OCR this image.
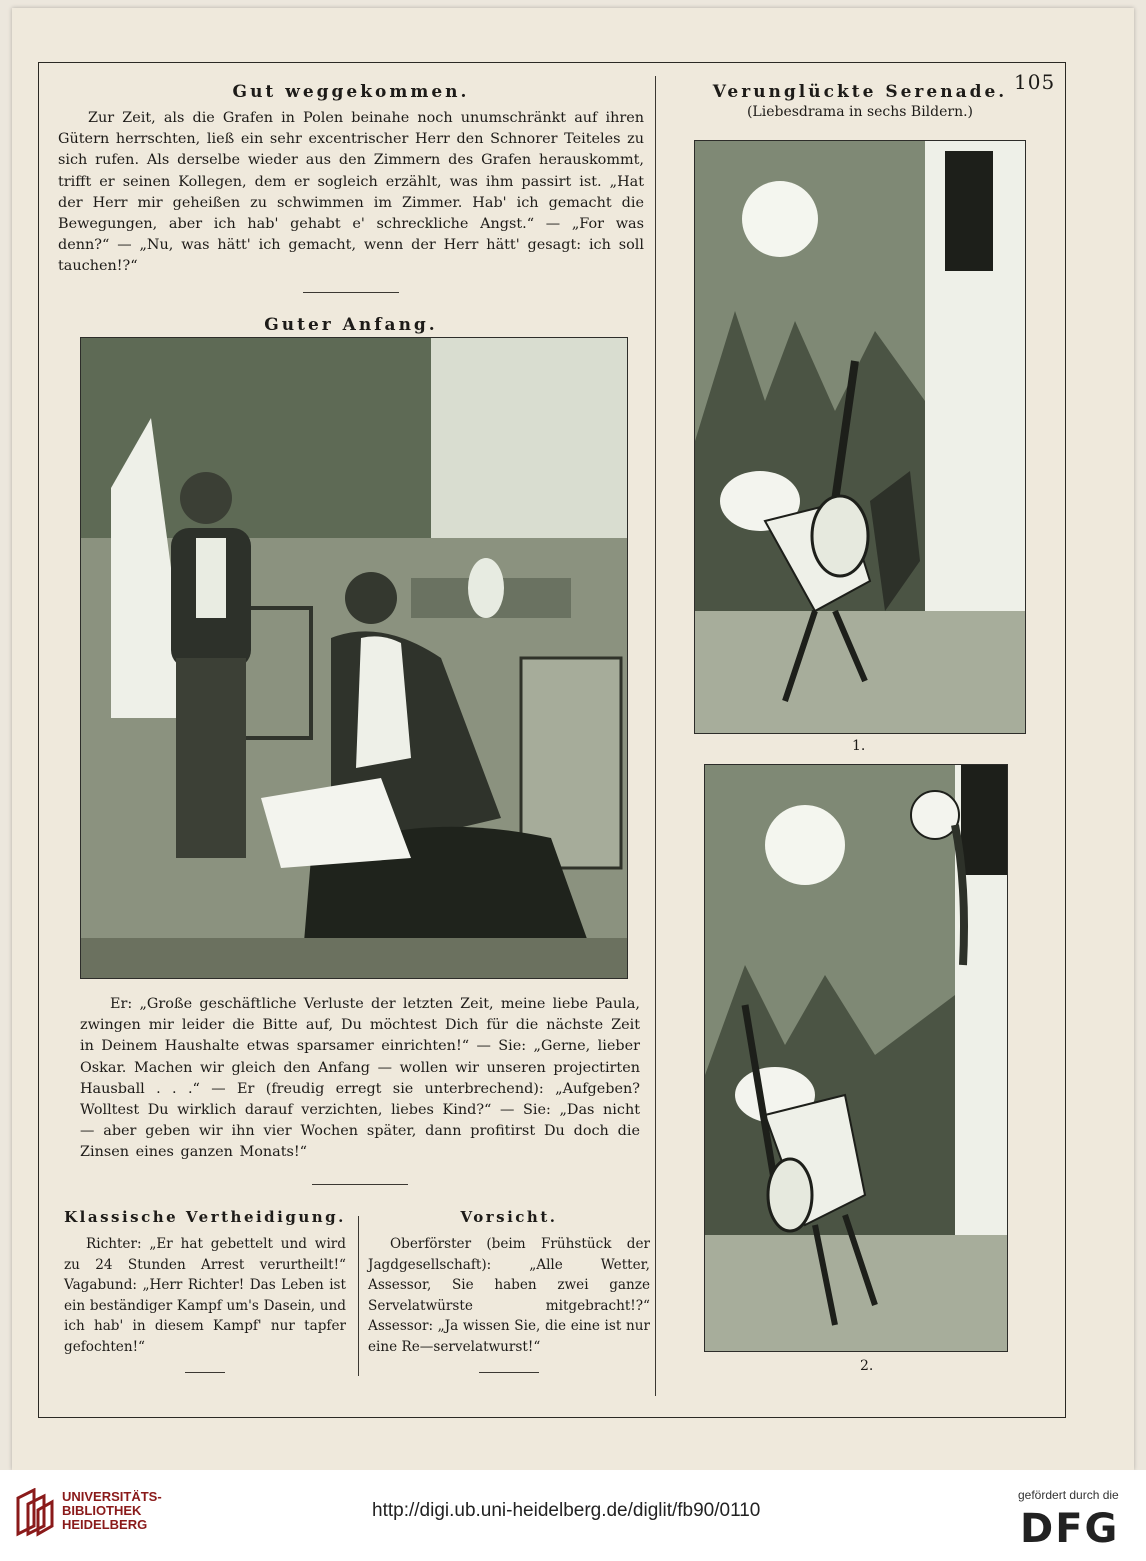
105
Gut weggekommen.

Zur Zeit, als die Grafen in Polen beinahe noch unumschränkt auf ihren Gütern herrschten, ließ ein sehr excentrischer Herr den Schnorer Teiteles zu sich rufen. Als derselbe wieder aus den Zimmern des Grafen herauskommt, trifft er seinen Kollegen, dem er sogleich erzählt, was ihm passirt ist. „Hat der Herr mir geheißen zu schwimmen im Zimmer. Hab' ich gemacht die Bewegungen, aber ich hab' gehabt e' schreckliche Angst.“ — „For was denn?“ — „Nu, was hätt' ich gemacht, wenn der Herr hätt' gesagt: ich soll tauchen!?“

Guter Anfang.

Er: „Große geschäftliche Verluste der letzten Zeit, meine liebe Paula, zwingen mir leider die Bitte auf, Du möchtest Dich für die nächste Zeit in Deinem Haushalte etwas sparsamer einrichten!“ — Sie: „Gerne, lieber Oskar. Machen wir gleich den Anfang — wollen wir unseren projectirten Hausball . . .“ — Er (freudig erregt sie unterbrechend): „Aufgeben? Wolltest Du wirklich darauf verzichten, liebes Kind?“ — Sie: „Das nicht — aber geben wir ihn vier Wochen später, dann profitirst Du doch die Zinsen eines ganzen Monats!“

Klassische Vertheidigung.

Richter: „Er hat gebettelt und wird zu 24 Stunden Arrest verurtheilt!“ Vagabund: „Herr Richter! Das Leben ist ein beständiger Kampf um's Dasein, und ich hab' in diesem Kampf' nur tapfer gefochten!“

Vorsicht.

Oberförster (beim Frühstück der Jagdgesellschaft): „Alle Wetter, Assessor, Sie haben zwei ganze Servelatwürste mitgebracht!?“ Assessor: „Ja wissen Sie, die eine ist nur eine Re—servelatwurst!“

Verunglückte Serenade.
(Liebesdrama in sechs Bildern.)
1.
2.
UNIVERSITÄTS-
BIBLIOTHEK
HEIDELBERG
http://digi.ub.uni-heidelberg.de/diglit/fb90/0110
gefördert durch die
DFG
